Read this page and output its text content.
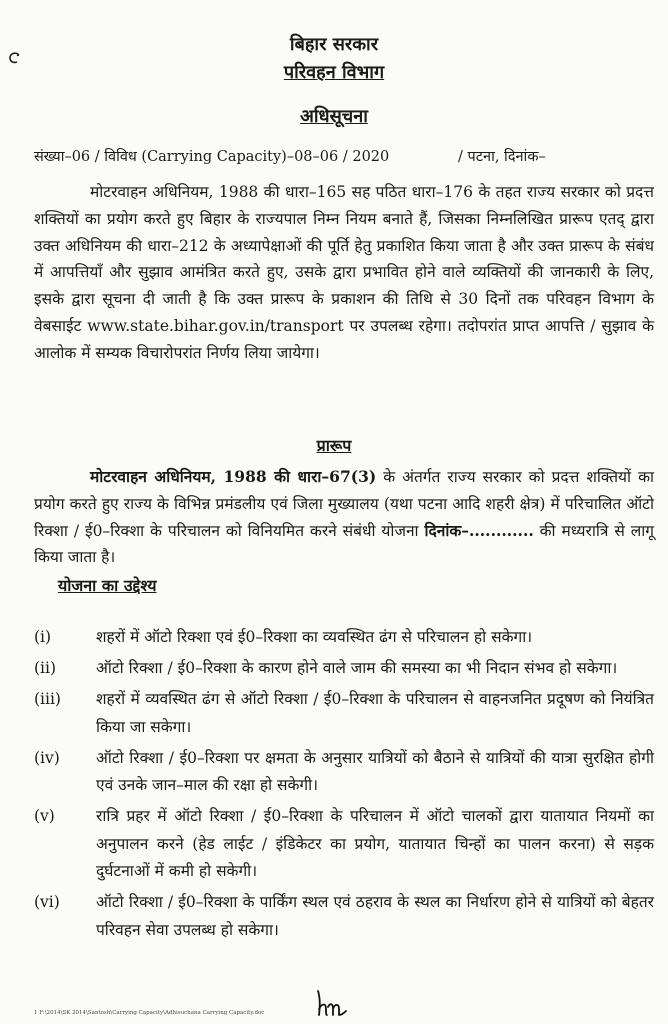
बिहार सरकार
परिवहन विभाग
अधिसूचना
संख्या–06 / विविध (Carrying Capacity)–08–06 / 2020	/ पटना, दिनांक–
मोटरवाहन अधिनियम, 1988 की धारा–165 सह पठित धारा–176 के तहत राज्य सरकार को प्रदत्त शक्तियों का प्रयोग करते हुए बिहार के राज्यपाल निम्न नियम बनाते हैं, जिसका निम्नलिखित प्रारूप एतद् द्वारा उक्त अधिनियम की धारा–212 के अध्यापेक्षाओं की पूर्ति हेतु प्रकाशित किया जाता है और उक्त प्रारूप के संबंध में आपत्तियाँ और सुझाव आमंत्रित करते हुए, उसके द्वारा प्रभावित होने वाले व्यक्तियों की जानकारी के लिए, इसके द्वारा सूचना दी जाती है कि उक्त प्रारूप के प्रकाशन की तिथि से 30 दिनों तक परिवहन विभाग के वेबसाईट www.state.bihar.gov.in/transport पर उपलब्ध रहेगा। तदोपरांत प्राप्त आपत्ति / सुझाव के आलोक में सम्यक विचारोपरांत निर्णय लिया जायेगा।
प्रारूप
मोटरवाहन अधिनियम, 1988 की धारा–67(3) के अंतर्गत राज्य सरकार को प्रदत्त शक्तियों का प्रयोग करते हुए राज्य के विभिन्न प्रमंडलीय एवं जिला मुख्यालय (यथा पटना आदि शहरी क्षेत्र) में परिचालित ऑटो रिक्शा / ई0–रिक्शा के परिचालन को विनियमित करने संबंधी योजना दिनांक–............ की मध्यरात्रि से लागू किया जाता है।
योजना का उद्देश्य
(i)	शहरों में ऑटो रिक्शा एवं ई0–रिक्शा का व्यवस्थित ढंग से परिचालन हो सकेगा।
(ii)	ऑटो रिक्शा / ई0–रिक्शा के कारण होने वाले जाम की समस्या का भी निदान संभव हो सकेगा।
(iii) शहरों में व्यवस्थित ढंग से ऑटो रिक्शा / ई0–रिक्शा के परिचालन से वाहनजनित प्रदूषण को नियंत्रित किया जा सकेगा।
(iv) ऑटो रिक्शा / ई0–रिक्शा पर क्षमता के अनुसार यात्रियों को बैठाने से यात्रियों की यात्रा सुरक्षित होगी एवं उनके जान–माल की रक्षा हो सकेगी।
(v)	रात्रि प्रहर में ऑटो रिक्शा / ई0–रिक्शा के परिचालन में ऑटो चालकों द्वारा यातायात नियमों का अनुपालन करने (हेड लाईट / इंडिकेटर का प्रयोग, यातायात चिन्हों का पालन करना) से सड़क दुर्घटनाओं में कमी हो सकेगी।
(vi) ऑटो रिक्शा / ई0–रिक्शा के पार्किंग स्थल एवं ठहराव के स्थल का निर्धारण होने से यात्रियों को बेहतर परिवहन सेवा उपलब्ध हो सकेगा।
1 F:\2014\SK 2014\Santosh\Carrying Capacity\Adhisuchana Carrying Capacity.doc
